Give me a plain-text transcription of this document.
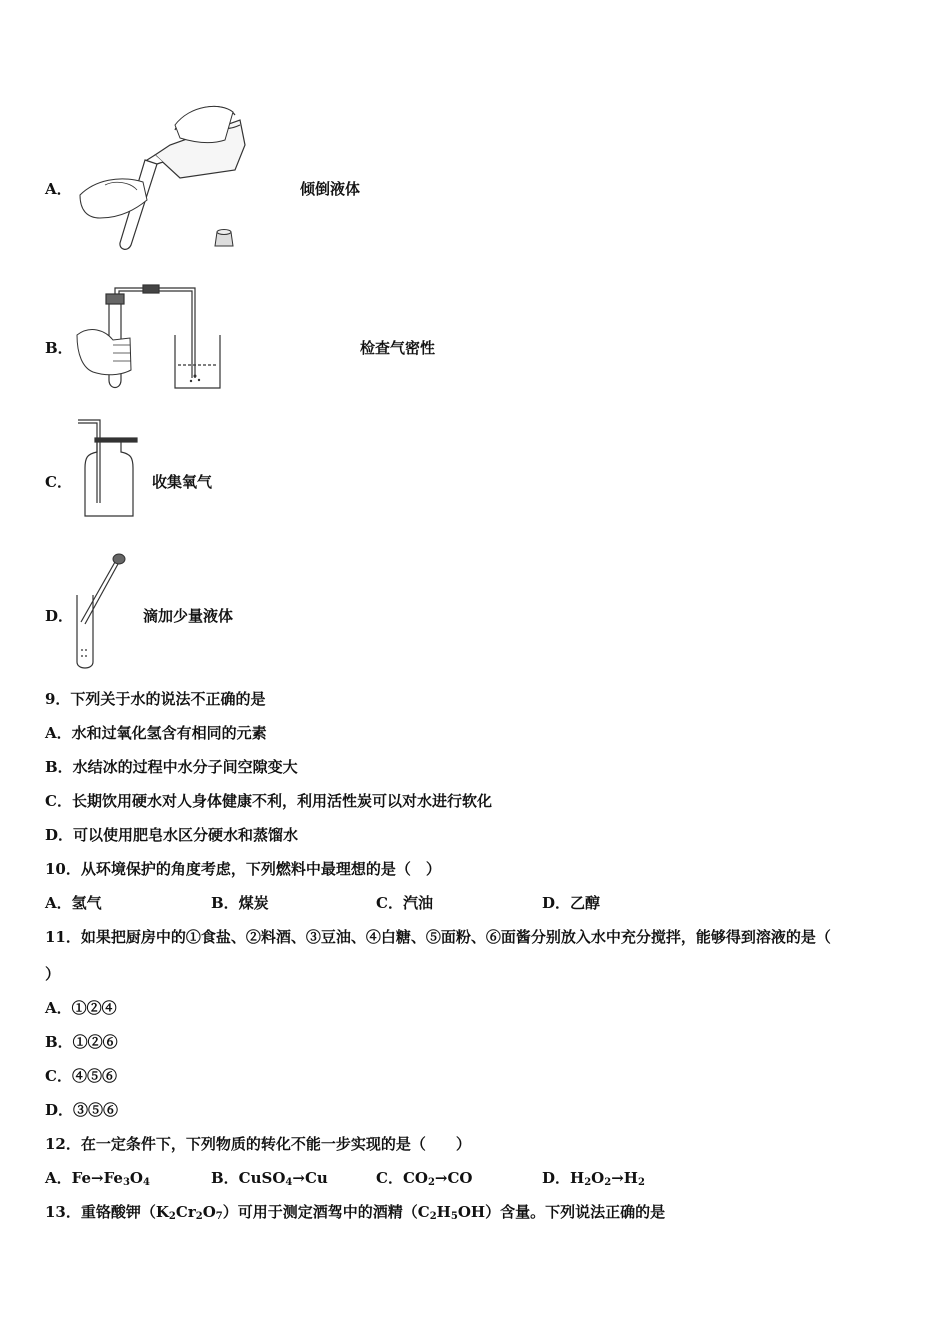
A．	倾倒液体
B．	检查气密性
C．	收集氧气
D．	滴加少量液体
9．下列关于水的说法不正确的是
A．水和过氧化氢含有相同的元素
B．水结冰的过程中水分子间空隙变大
C．长期饮用硬水对人身体健康不利，利用活性炭可以对水进行软化
D．可以使用肥皂水区分硬水和蒸馏水
10．从环境保护的角度考虑，下列燃料中最理想的是（　）
A．氢气	B．煤炭	C．汽油	D．乙醇
11．如果把厨房中的①食盐、②料酒、③豆油、④白糖、⑤面粉、⑥面酱分别放入水中充分搅拌，能够得到溶液的是（
）
A．①②④
B．①②⑥
C．④⑤⑥
D．③⑤⑥
12．在一定条件下，下列物质的转化不能一步实现的是（　　）
A．$Fe\to Fe_3O_4$	B．CuSO$_4$→Cu	C．$CO_2\to CO$	D．$H_2O_2\to H_2$
13．重铬酸钾$(K_2Cr_2O_7)$可用于测定酒驾中的酒精$(C_2H_5OH)$含量。下列说法正确的是
